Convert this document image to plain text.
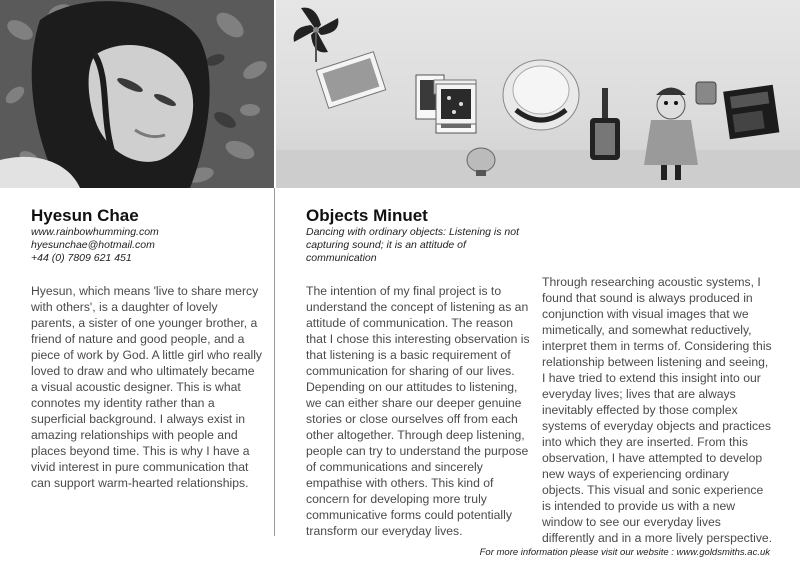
Hyesun Chae
www.rainbowhumming.com
hyesunchae@hotmail.com
+44 (0) 7809 621 451

Hyesun, which means 'live to share mercy with others', is a daughter of lovely parents, a sister of one younger brother, a friend of nature and good people, and a piece of work by God. A little girl who really loved to draw and who ultimately became a visual acoustic designer. This is what connotes my identity rather than a superficial background. I always exist in amazing relationships with people and places beyond time. This is why I have a vivid interest in pure communication that can support warm-hearted relationships.

Objects Minuet

Dancing with ordinary objects: Listening is not capturing sound; it is an attitude of communication

The intention of my final project is to understand the concept of listening as an attitude of communication. The reason that I chose this interesting observation is that listening is a basic requirement of communication for sharing of our lives. Depending on our attitudes to listening, we can either share our deeper genuine stories or close ourselves off from each other altogether. Through deep listening, people can try to understand the purpose of communications and sincerely empathise with others. This kind of concern for developing more truly communicative forms could potentially transform our everyday lives.

Through researching acoustic systems, I found that sound is always produced in conjunction with visual images that we mimetically, and somewhat reductively, interpret them in terms of. Considering this relationship between listening and seeing, I have tried to extend this insight into our everyday lives; lives that are always inevitably effected by those complex systems of everyday objects and practices into which they are inserted. From this observation, I have attempted to develop new ways of experiencing ordinary objects. This visual and sonic experience is intended to provide us with a new window to see our everyday lives differently and in a more lively perspective.

For more information please visit our website : www.goldsmiths.ac.uk
